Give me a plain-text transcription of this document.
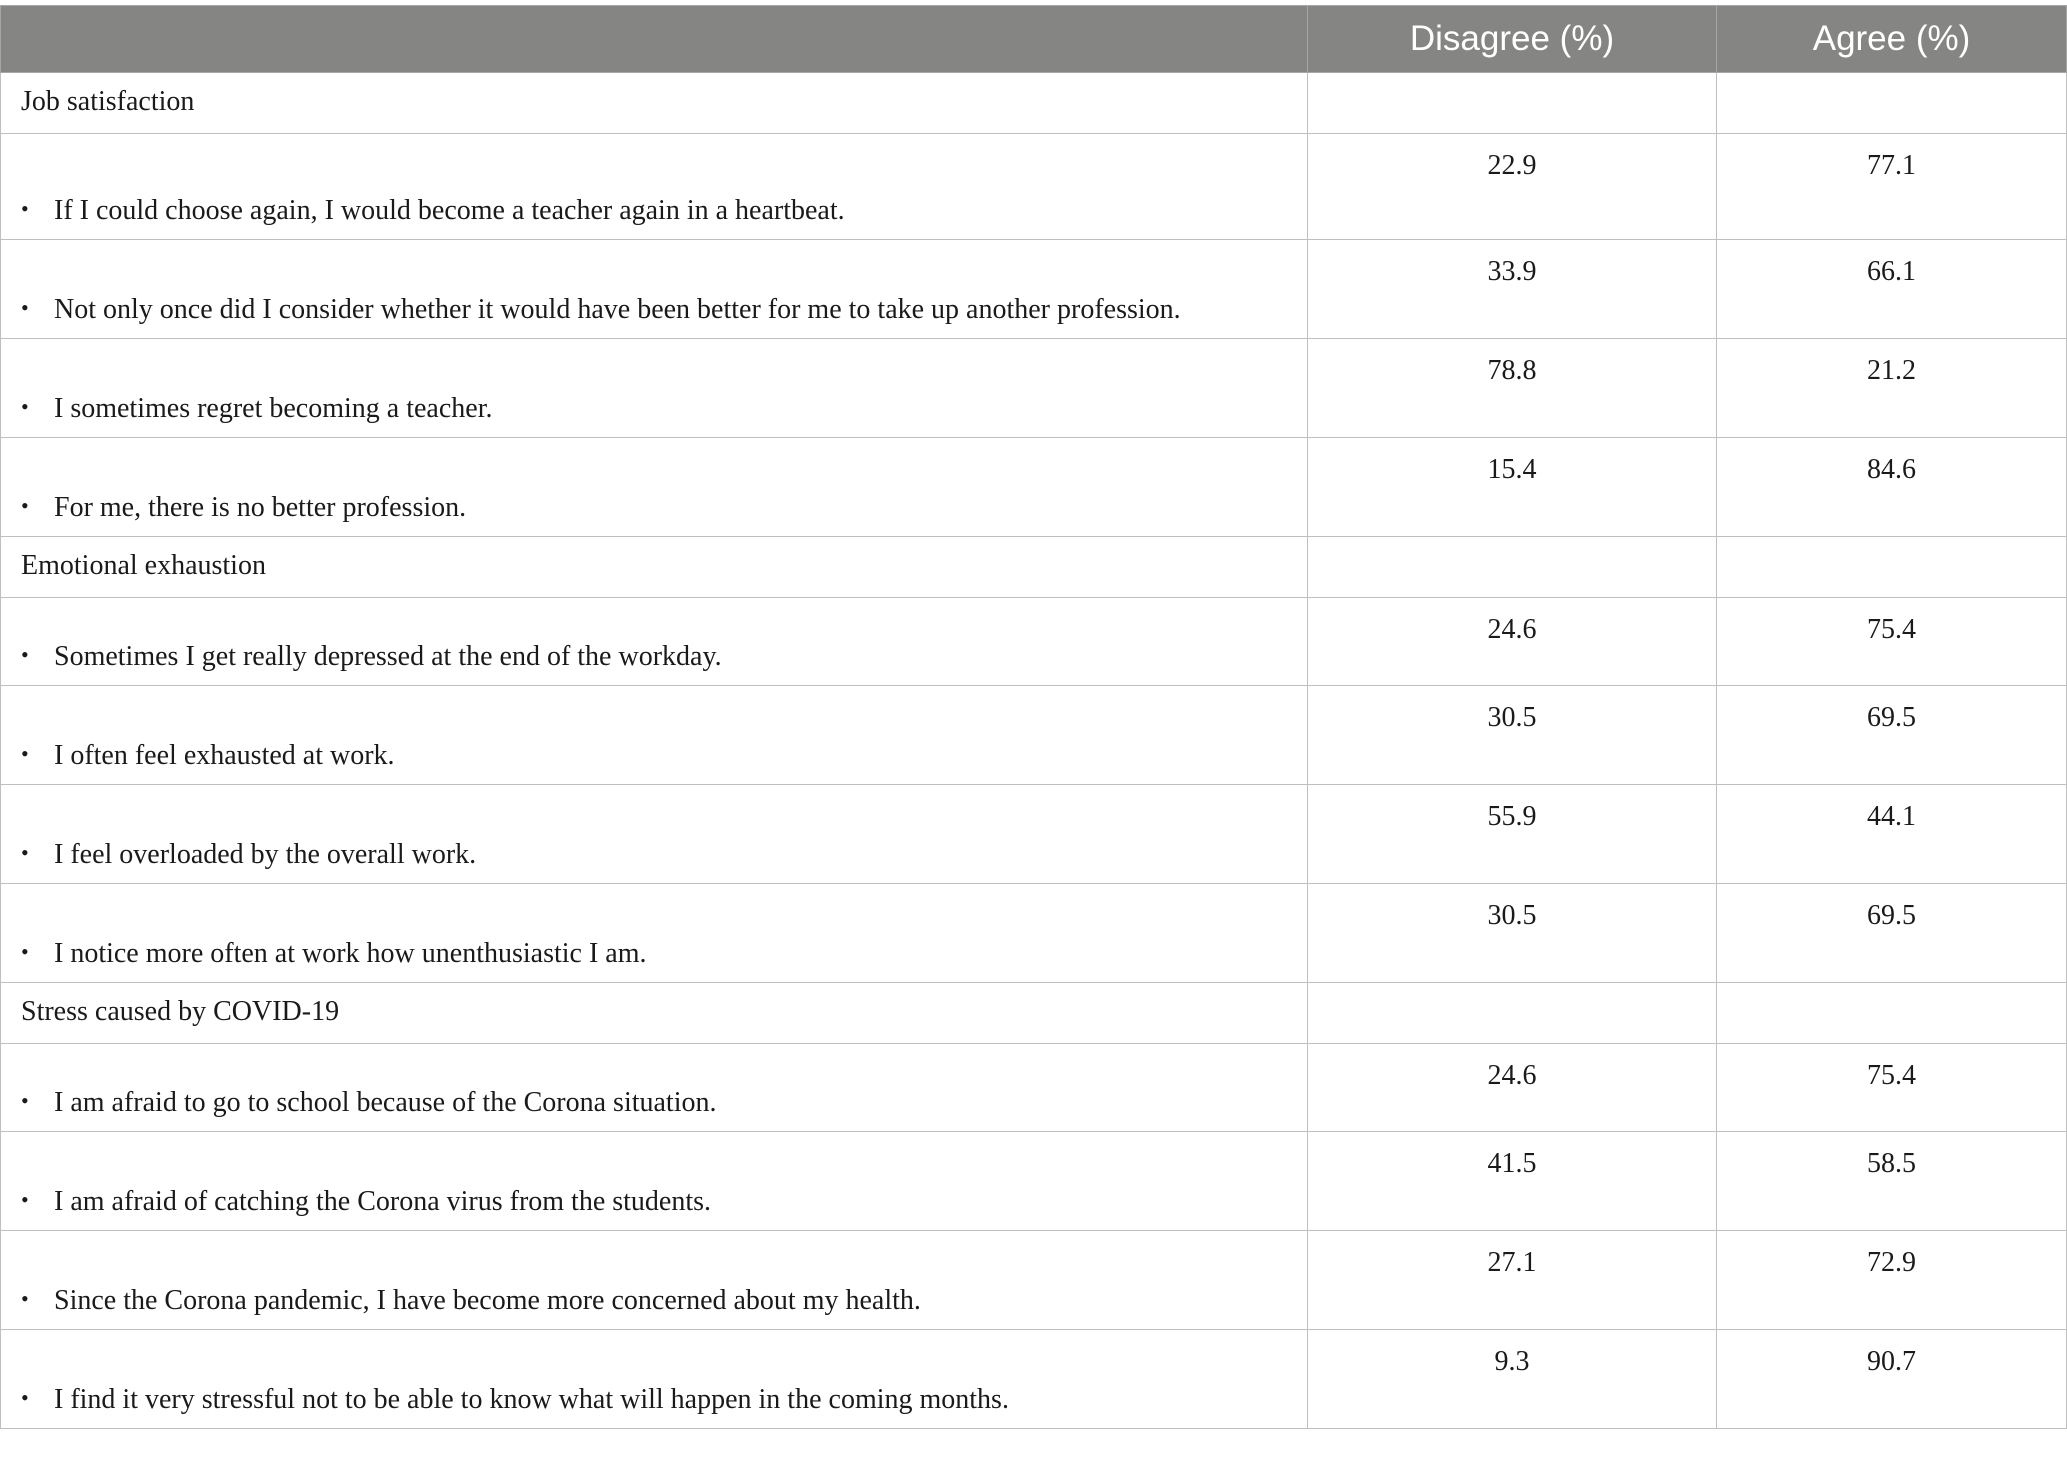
	Disagree (%)	Agree (%)

Job satisfaction		

• If I could choose again, I would become a teacher again in a heartbeat.	22.9	77.1

• Not only once did I consider whether it would have been better for me to take up another profession.	33.9	66.1

• I sometimes regret becoming a teacher.	78.8	21.2

• For me, there is no better profession.	15.4	84.6

Emotional exhaustion		

• Sometimes I get really depressed at the end of the workday.	24.6	75.4

• I often feel exhausted at work.	30.5	69.5

• I feel overloaded by the overall work.	55.9	44.1

• I notice more often at work how unenthusiastic I am.	30.5	69.5

Stress caused by COVID-19		

• I am afraid to go to school because of the Corona situation.	24.6	75.4

• I am afraid of catching the Corona virus from the students.	41.5	58.5

• Since the Corona pandemic, I have become more concerned about my health.	27.1	72.9

• I find it very stressful not to be able to know what will happen in the coming months.	9.3	90.7
